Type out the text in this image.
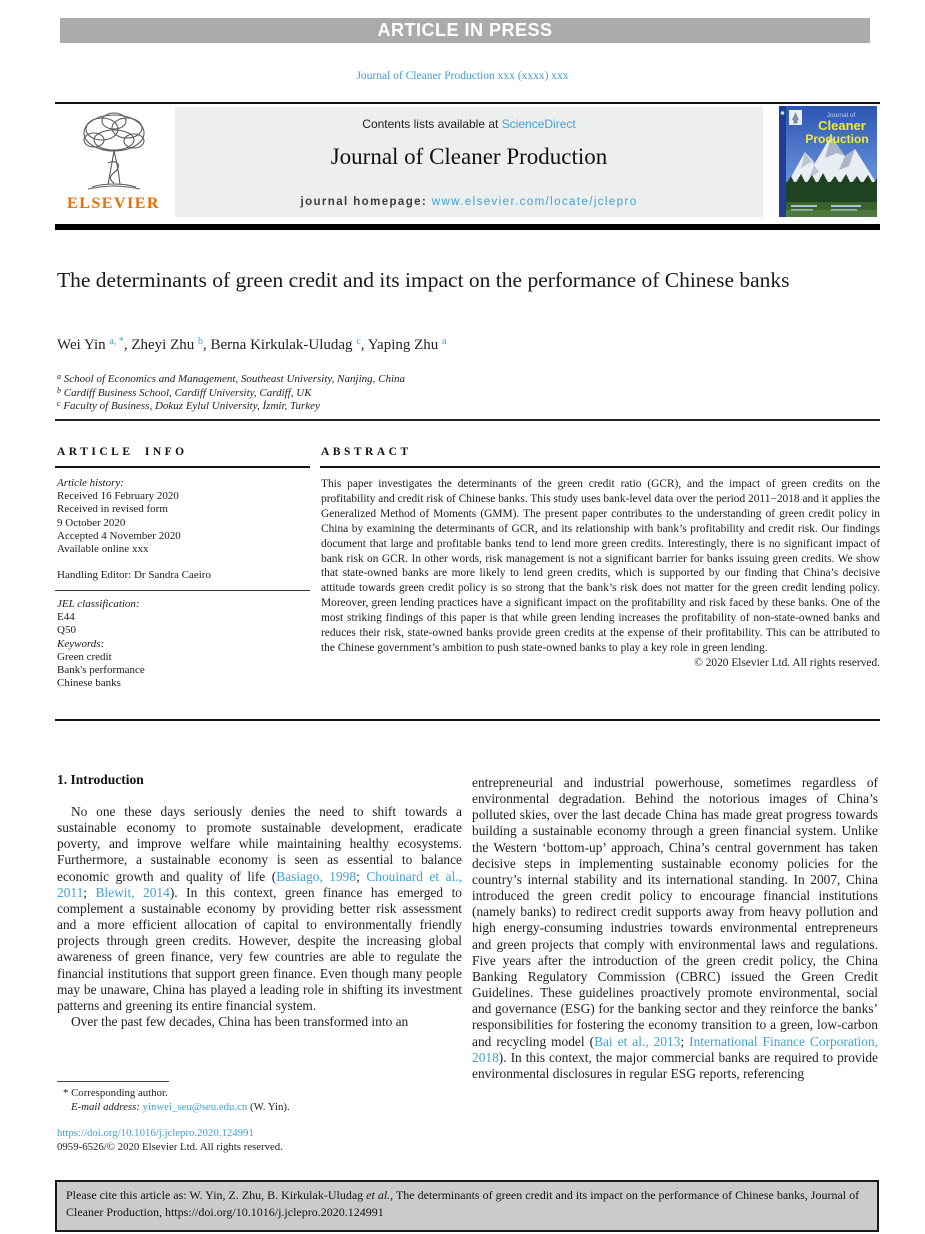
ARTICLE IN PRESS
Journal of Cleaner Production xxx (xxxx) xxx
ELSEVIER
Contents lists available at ScienceDirect
Journal of Cleaner Production
journal homepage: www.elsevier.com/locate/jclepro
Journal of
Cleaner
Production
The determinants of green credit and its impact on the performance of Chinese banks
Wei Yin $^{a, *}$, Zheyi Zhu $^b$, Berna Kirkulak-Uludag $^c$, Yaping Zhu $^a$
$^a$ School of Economics and Management, Southeast University, Nanjing, China
$^b$ Cardiff Business School, Cardiff University, Cardiff, UK
$^c$ Faculty of Business, Dokuz Eylul University, İzmir, Turkey
ARTICLE INFO	ABSTRACT
Article history:
Received 16 February 2020
Received in revised form
9 October 2020
Accepted 4 November 2020
Available online xxx
Handling Editor: Dr Sandra Caeiro
JEL classification:
E44
Q50
Keywords:
Green credit
Bank's performance
Chinese banks
This paper investigates the determinants of the green credit ratio (GCR), and the impact of green credits on the profitability and credit risk of Chinese banks. This study uses bank-level data over the period 2011−2018 and it applies the Generalized Method of Moments (GMM). The present paper contributes to the understanding of green credit policy in China by examining the determinants of GCR, and its relationship with bank’s profitability and credit risk. Our findings document that large and profitable banks tend to lend more green credits. Interestingly, there is no significant impact of bank risk on GCR. In other words, risk management is not a significant barrier for banks issuing green credits. We show that state-owned banks are more likely to lend green credits, which is supported by our finding that China’s decisive attitude towards green credit policy is so strong that the bank’s risk does not matter for the green credit lending policy. Moreover, green lending practices have a significant impact on the profitability and risk faced by these banks. One of the most striking findings of this paper is that while green lending increases the profitability of non-state-owned banks and reduces their risk, state-owned banks provide green credits at the expense of their profitability. This can be attributed to the Chinese government’s ambition to push state-owned banks to play a key role in green lending.
© 2020 Elsevier Ltd. All rights reserved.
1. Introduction

No one these days seriously denies the need to shift towards a sustainable economy to promote sustainable development, eradicate poverty, and improve welfare while maintaining healthy ecosystems. Furthermore, a sustainable economy is seen as essential to balance economic growth and quality of life (Basiago, 1998; Chouinard et al., 2011; Blewit, 2014). In this context, green finance has emerged to complement a sustainable economy by providing better risk assessment and a more efficient allocation of capital to environmentally friendly projects through green credits. However, despite the increasing global awareness of green finance, very few countries are able to regulate the financial institutions that support green finance. Even though many people may be unaware, China has played a leading role in shifting its investment patterns and greening its entire financial system.

Over the past few decades, China has been transformed into an

entrepreneurial and industrial powerhouse, sometimes regardless of environmental degradation. Behind the notorious images of China’s polluted skies, over the last decade China has made great progress towards building a sustainable economy through a green financial system. Unlike the Western ‘bottom-up’ approach, China’s central government has taken decisive steps in implementing sustainable economy policies for the country’s internal stability and its international standing. In 2007, China introduced the green credit policy to encourage financial institutions (namely banks) to redirect credit supports away from heavy pollution and high energy-consuming industries towards environmental entrepreneurs and green projects that comply with environmental laws and regulations. Five years after the introduction of the green credit policy, the China Banking Regulatory Commission (CBRC) issued the Green Credit Guidelines. These guidelines proactively promote environmental, social and governance (ESG) for the banking sector and they reinforce the banks’ responsibilities for fostering the economy transition to a green, low-carbon and recycling model (Bai et al., 2013; International Finance Corporation, 2018). In this context, the major commercial banks are required to provide environmental disclosures in regular ESG reports, referencing

* Corresponding author.
E-mail address: yinwei_seu@seu.edu.cn (W. Yin).
https://doi.org/10.1016/j.jclepro.2020.124991
0959-6526/© 2020 Elsevier Ltd. All rights reserved.
Please cite this article as: W. Yin, Z. Zhu, B. Kirkulak-Uludag et al., The determinants of green credit and its impact on the performance of Chinese banks, Journal of Cleaner Production, https://doi.org/10.1016/j.jclepro.2020.124991
